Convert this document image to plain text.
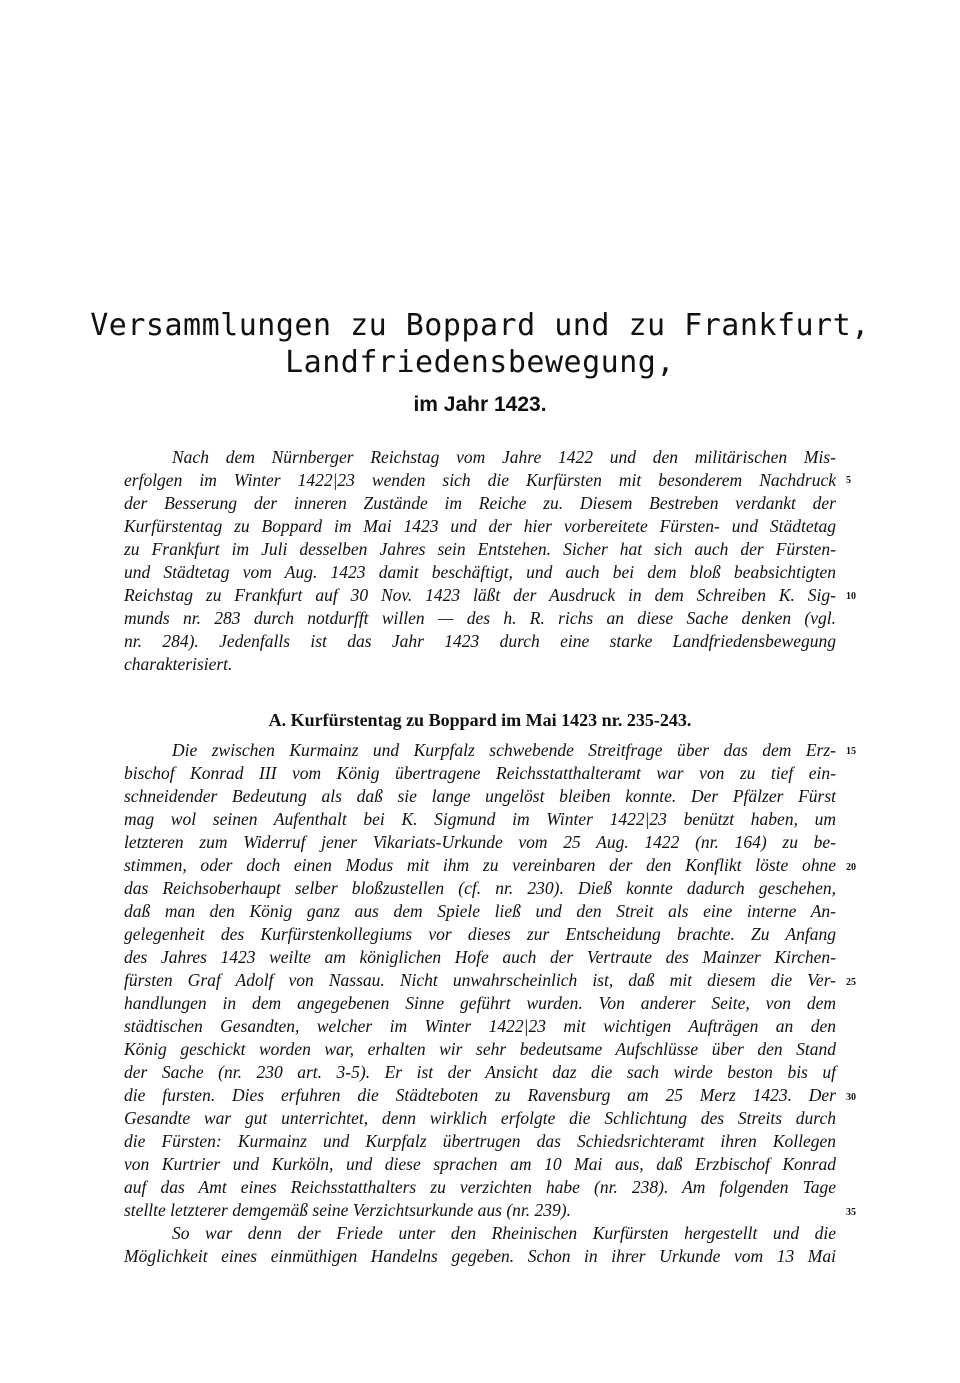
Versammlungen zu Boppard und zu Frankfurt,
Landfriedensbewegung,
im Jahr 1423.
Nach dem Nürnberger Reichstag vom Jahre 1422 und den militärischen Mis-
erfolgen im Winter 1422|23 wenden sich die Kurfürsten mit besonderem Nachdruck
der Besserung der inneren Zustände im Reiche zu. Diesem Bestreben verdankt der
Kurfürstentag zu Boppard im Mai 1423 und der hier vorbereitete Fürsten- und Städtetag
zu Frankfurt im Juli desselben Jahres sein Entstehen. Sicher hat sich auch der Fürsten-
und Städtetag vom Aug. 1423 damit beschäftigt, und auch bei dem bloß beabsichtigten
Reichstag zu Frankfurt auf 30 Nov. 1423 läßt der Ausdruck in dem Schreiben K. Sig-
munds nr. 283 durch notdurfft willen — des h. R. richs an diese Sache denken (vgl.
nr. 284). Jedenfalls ist das Jahr 1423 durch eine starke Landfriedensbewegung
charakterisiert.
A. Kurfürstentag zu Boppard im Mai 1423 nr. 235-243.
Die zwischen Kurmainz und Kurpfalz schwebende Streitfrage über das dem Erz-
bischof Konrad III vom König übertragene Reichsstatthalteramt war von zu tief ein-
schneidender Bedeutung als daß sie lange ungelöst bleiben konnte. Der Pfälzer Fürst
mag wol seinen Aufenthalt bei K. Sigmund im Winter 1422|23 benützt haben, um
letzteren zum Widerruf jener Vikariats-Urkunde vom 25 Aug. 1422 (nr. 164) zu be-
stimmen, oder doch einen Modus mit ihm zu vereinbaren der den Konflikt löste ohne
das Reichsoberhaupt selber bloßzustellen (cf. nr. 230). Dieß konnte dadurch geschehen,
daß man den König ganz aus dem Spiele ließ und den Streit als eine interne An-
gelegenheit des Kurfürstenkollegiums vor dieses zur Entscheidung brachte. Zu Anfang
des Jahres 1423 weilte am königlichen Hofe auch der Vertraute des Mainzer Kirchen-
fürsten Graf Adolf von Nassau. Nicht unwahrscheinlich ist, daß mit diesem die Ver-
handlungen in dem angegebenen Sinne geführt wurden. Von anderer Seite, von dem
städtischen Gesandten, welcher im Winter 1422|23 mit wichtigen Aufträgen an den
König geschickt worden war, erhalten wir sehr bedeutsame Aufschlüsse über den Stand
der Sache (nr. 230 art. 3-5). Er ist der Ansicht daz die sach wirde beston bis uf
die fursten. Dies erfuhren die Städteboten zu Ravensburg am 25 Merz 1423. Der
Gesandte war gut unterrichtet, denn wirklich erfolgte die Schlichtung des Streits durch
die Fürsten: Kurmainz und Kurpfalz übertrugen das Schiedsrichteramt ihren Kollegen
von Kurtrier und Kurköln, und diese sprachen am 10 Mai aus, daß Erzbischof Konrad
auf das Amt eines Reichsstatthalters zu verzichten habe (nr. 238). Am folgenden Tage
stellte letzterer demgemäß seine Verzichtsurkunde aus (nr. 239).
So war denn der Friede unter den Rheinischen Kurfürsten hergestellt und die
Möglichkeit eines einmüthigen Handelns gegeben. Schon in ihrer Urkunde vom 13 Mai
5
10
15
20
25
30
35
